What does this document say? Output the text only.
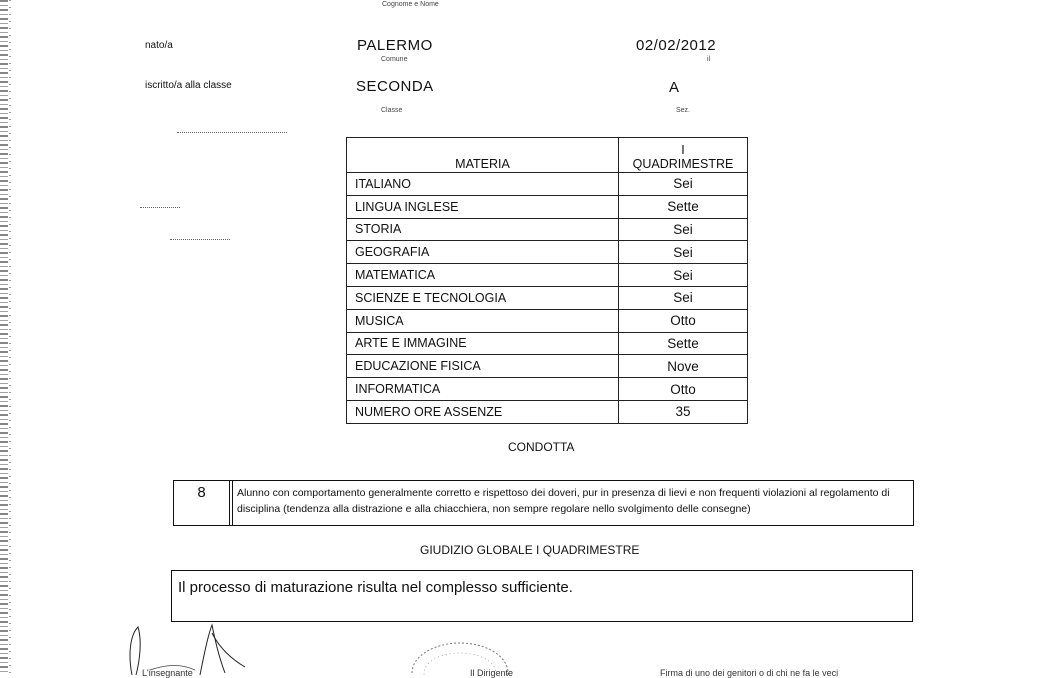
Cognome e Nome
nato/a	PALERMO
Comune
02/02/2012
il
iscritto/a alla classe	SECONDA
Classe
A
Sez.
MATERIA	I
QUADRIMESTRE

ITALIANO	Sei
LINGUA INGLESE	Sette
STORIA	Sei
GEOGRAFIA	Sei
MATEMATICA	Sei
SCIENZE E TECNOLOGIA	Sei
MUSICA	Otto
ARTE E IMMAGINE	Sette
EDUCAZIONE FISICA	Nove
INFORMATICA	Otto
NUMERO ORE ASSENZE	35
CONDOTTA
8	Alunno con comportamento generalmente corretto e rispettoso dei doveri, pur in presenza di lievi e non frequenti violazioni al regolamento di disciplina (tendenza alla distrazione e alla chiacchiera, non sempre regolare nello svolgimento delle consegne)
GIUDIZIO GLOBALE I QUADRIMESTRE
Il processo di maturazione risulta nel complesso sufficiente.
L'insegnante	Il Dirigente	Firma di uno dei genitori o di chi ne fa le veci
